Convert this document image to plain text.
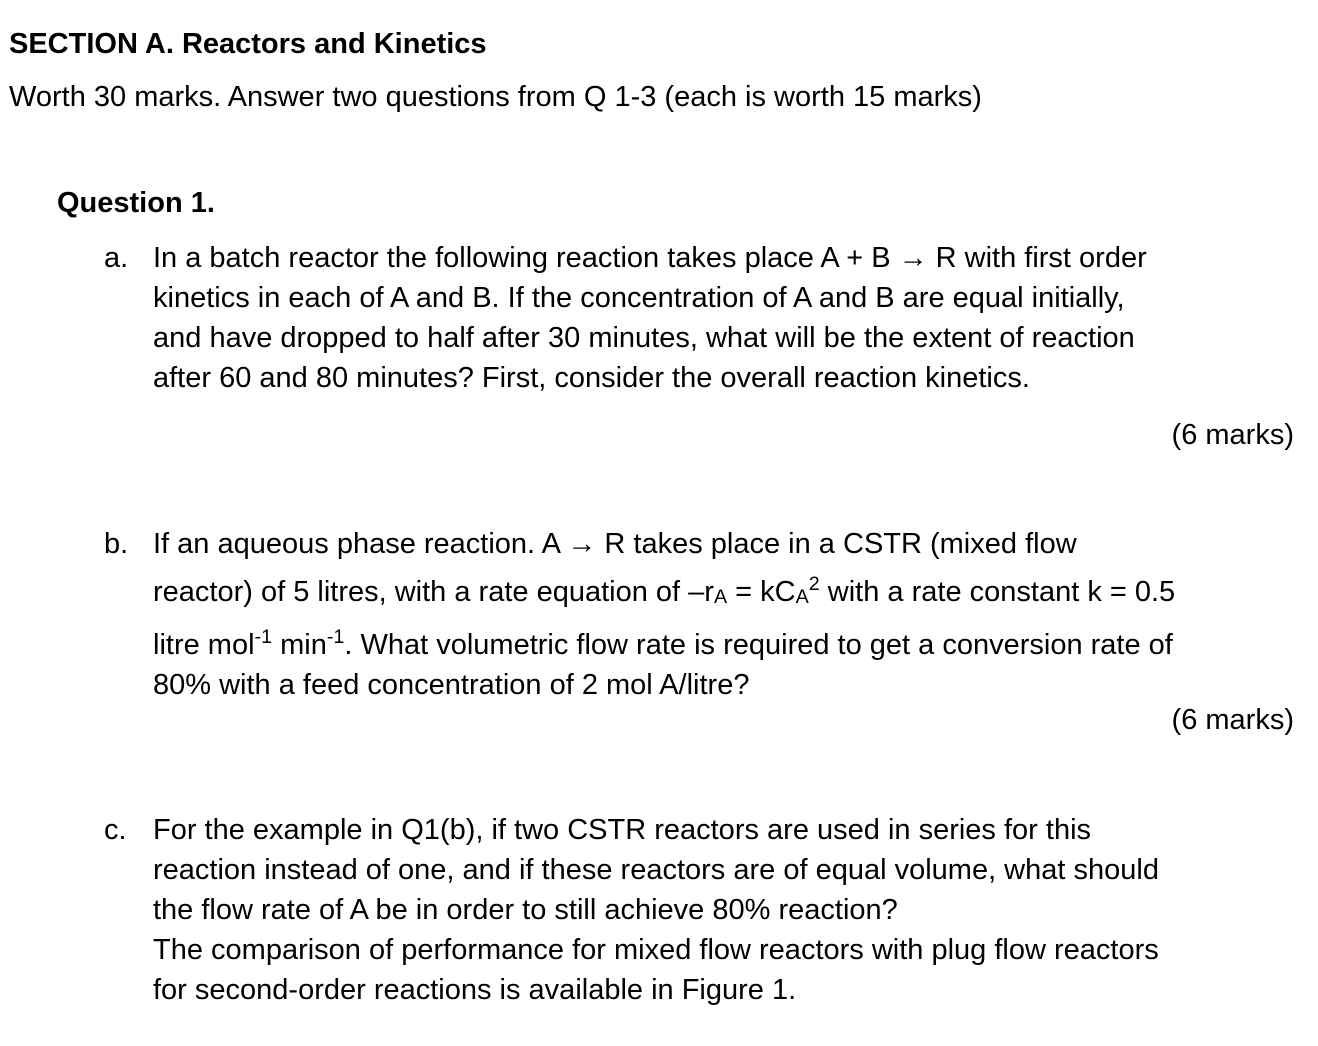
SECTION A. Reactors and Kinetics
Worth 30 marks. Answer two questions from Q 1-3 (each is worth 15 marks)
Question 1.
a. In a batch reactor the following reaction takes place A + B → R with first order
kinetics in each of A and B. If the concentration of A and B are equal initially,
and have dropped to half after 30 minutes, what will be the extent of reaction
after 60 and 80 minutes? First, consider the overall reaction kinetics.
(6 marks)
b. If an aqueous phase reaction. A → R takes place in a CSTR (mixed flow
reactor) of 5 litres, with a rate equation of –rA = kCA$^2$ with a rate constant k = 0.5
litre mol$^{-1}$ $\min^{-1}$. What volumetric flow rate is required to get a conversion rate of
80% with a feed concentration of 2 mol A/litre?
(6 marks)
c. For the example in Q1(b), if two CSTR reactors are used in series for this
reaction instead of one, and if these reactors are of equal volume, what should
the flow rate of A be in order to still achieve 80% reaction?
The comparison of performance for mixed flow reactors with plug flow reactors
for second-order reactions is available in Figure 1.
